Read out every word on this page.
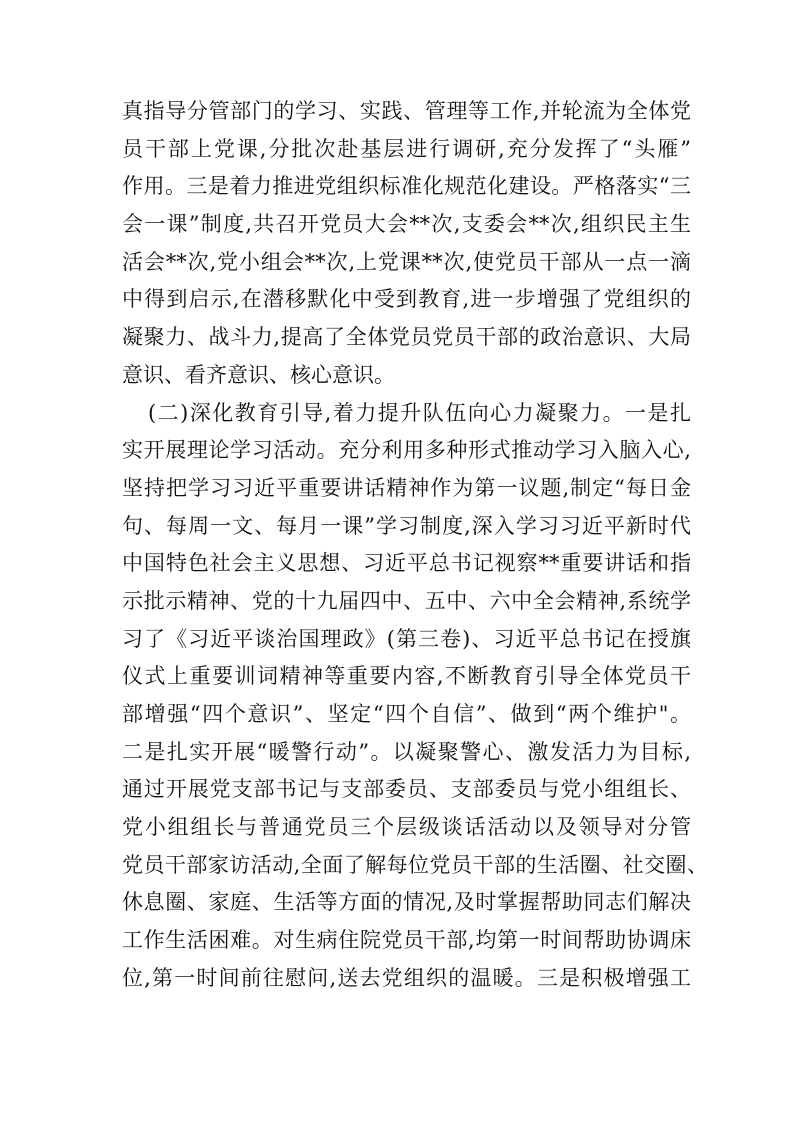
真指导分管部门的学习、实践、管理等工作,并轮流为全体党
员干部上党课,分批次赴基层进行调研,充分发挥了“头雁”
作用。三是着力推进党组织标准化规范化建设。严格落实“三
会一课”制度,共召开党员大会**次,支委会**次,组织民主生
活会**次,党小组会**次,上党课**次,使党员干部从一点一滴
中得到启示,在潜移默化中受到教育,进一步增强了党组织的
凝聚力、战斗力,提高了全体党员党员干部的政治意识、大局
意识、看齐意识、核心意识。
(二)深化教育引导,着力提升队伍向心力凝聚力。一是扎
实开展理论学习活动。充分利用多种形式推动学习入脑入心,
坚持把学习习近平重要讲话精神作为第一议题,制定“每日金
句、每周一文、每月一课”学习制度,深入学习习近平新时代
中国特色社会主义思想、习近平总书记视察**重要讲话和指
示批示精神、党的十九届四中、五中、六中全会精神,系统学
习了《习近平谈治国理政》(第三卷)、习近平总书记在授旗
仪式上重要训词精神等重要内容,不断教育引导全体党员干
部增强“四个意识”、坚定“四个自信”、做到“两个维护"。
二是扎实开展“暖警行动”。以凝聚警心、激发活力为目标,
通过开展党支部书记与支部委员、支部委员与党小组组长、
党小组组长与普通党员三个层级谈话活动以及领导对分管
党员干部家访活动,全面了解每位党员干部的生活圈、社交圈、
休息圈、家庭、生活等方面的情况,及时掌握帮助同志们解决
工作生活困难。对生病住院党员干部,均第一时间帮助协调床
位,第一时间前往慰问,送去党组织的温暖。三是积极增强工
